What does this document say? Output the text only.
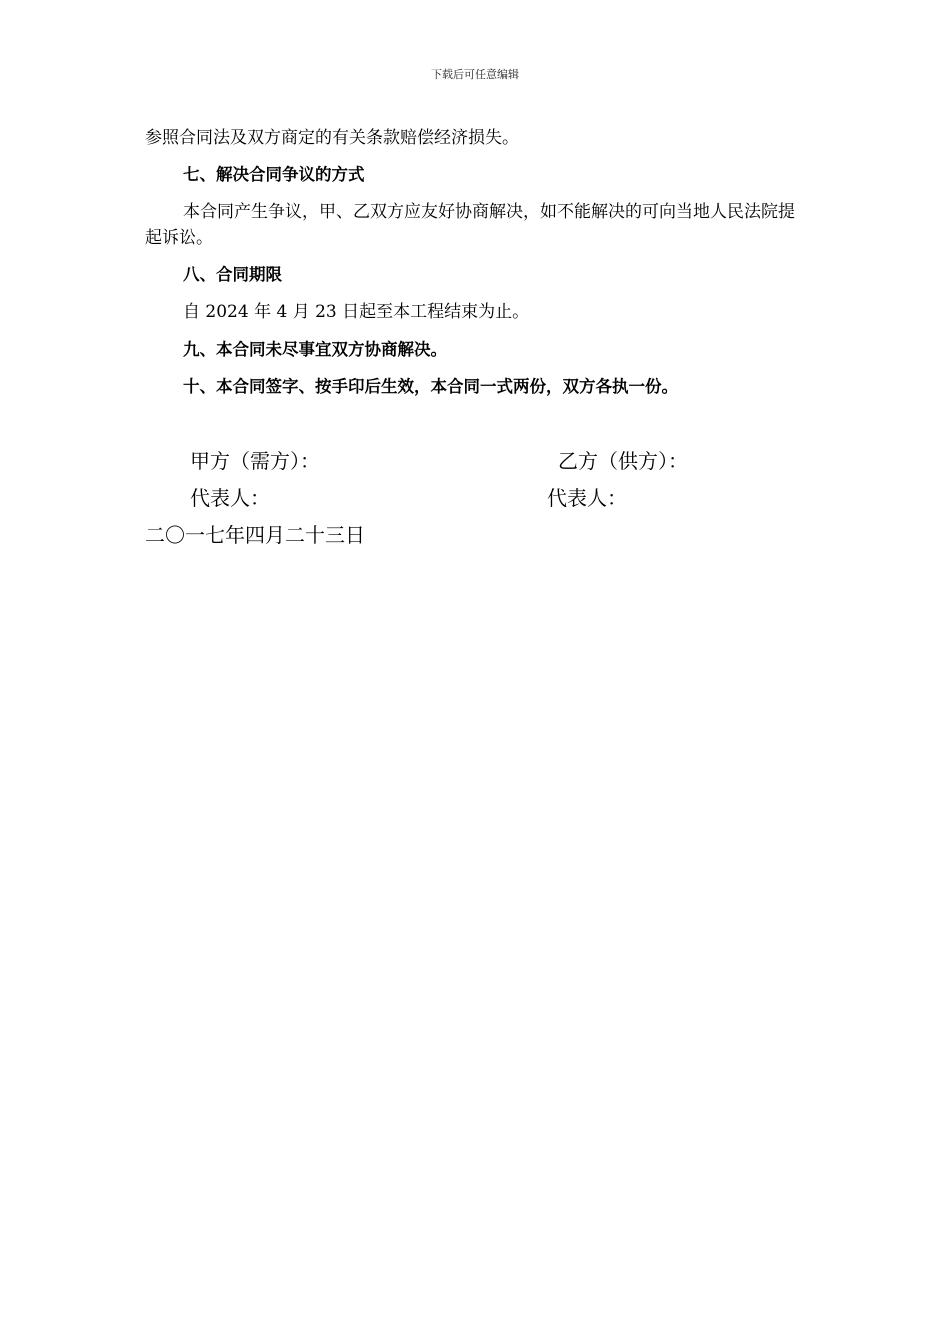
下载后可任意编辑

参照合同法及双方商定的有关条款赔偿经济损失。

七、解决合同争议的方式

本合同产生争议，甲、乙双方应友好协商解决，如不能解决的可向当地人民法院提起诉讼。

八、合同期限

自 2024 年 4 月 23 日起至本工程结束为止。

九、本合同未尽事宜双方协商解决。

十、本合同签字、按手印后生效，本合同一式两份，双方各执一份。

甲方（需方）：	乙方（供方）：

代表人：	代表人：

二〇一七年四月二十三日
